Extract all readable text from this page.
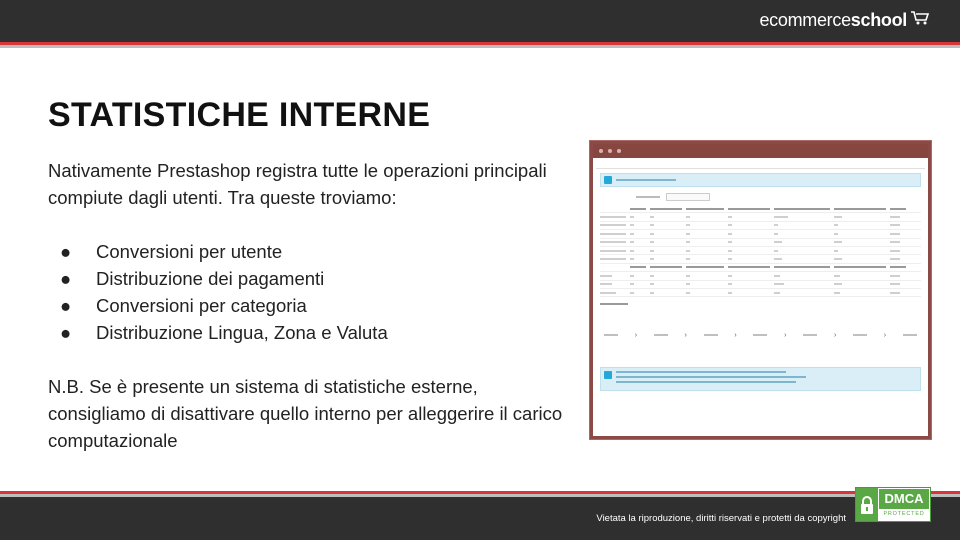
ecommerce school
STATISTICHE INTERNE

Nativamente Prestashop registra tutte le operazioni principali compiute dagli utenti. Tra queste troviamo:

● Conversioni per utente
● Distribuzione dei pagamenti
● Conversioni per categoria
● Distribuzione Lingua, Zona e Valuta

N.B. Se è presente un sistema di statistiche esterne, consigliamo di disattivare quello interno per alleggerire il carico computazionale

›	›	›	›	›	›
Vietata la riproduzione, diritti riservati e protetti da copyright
DMCA
PROTECTED
